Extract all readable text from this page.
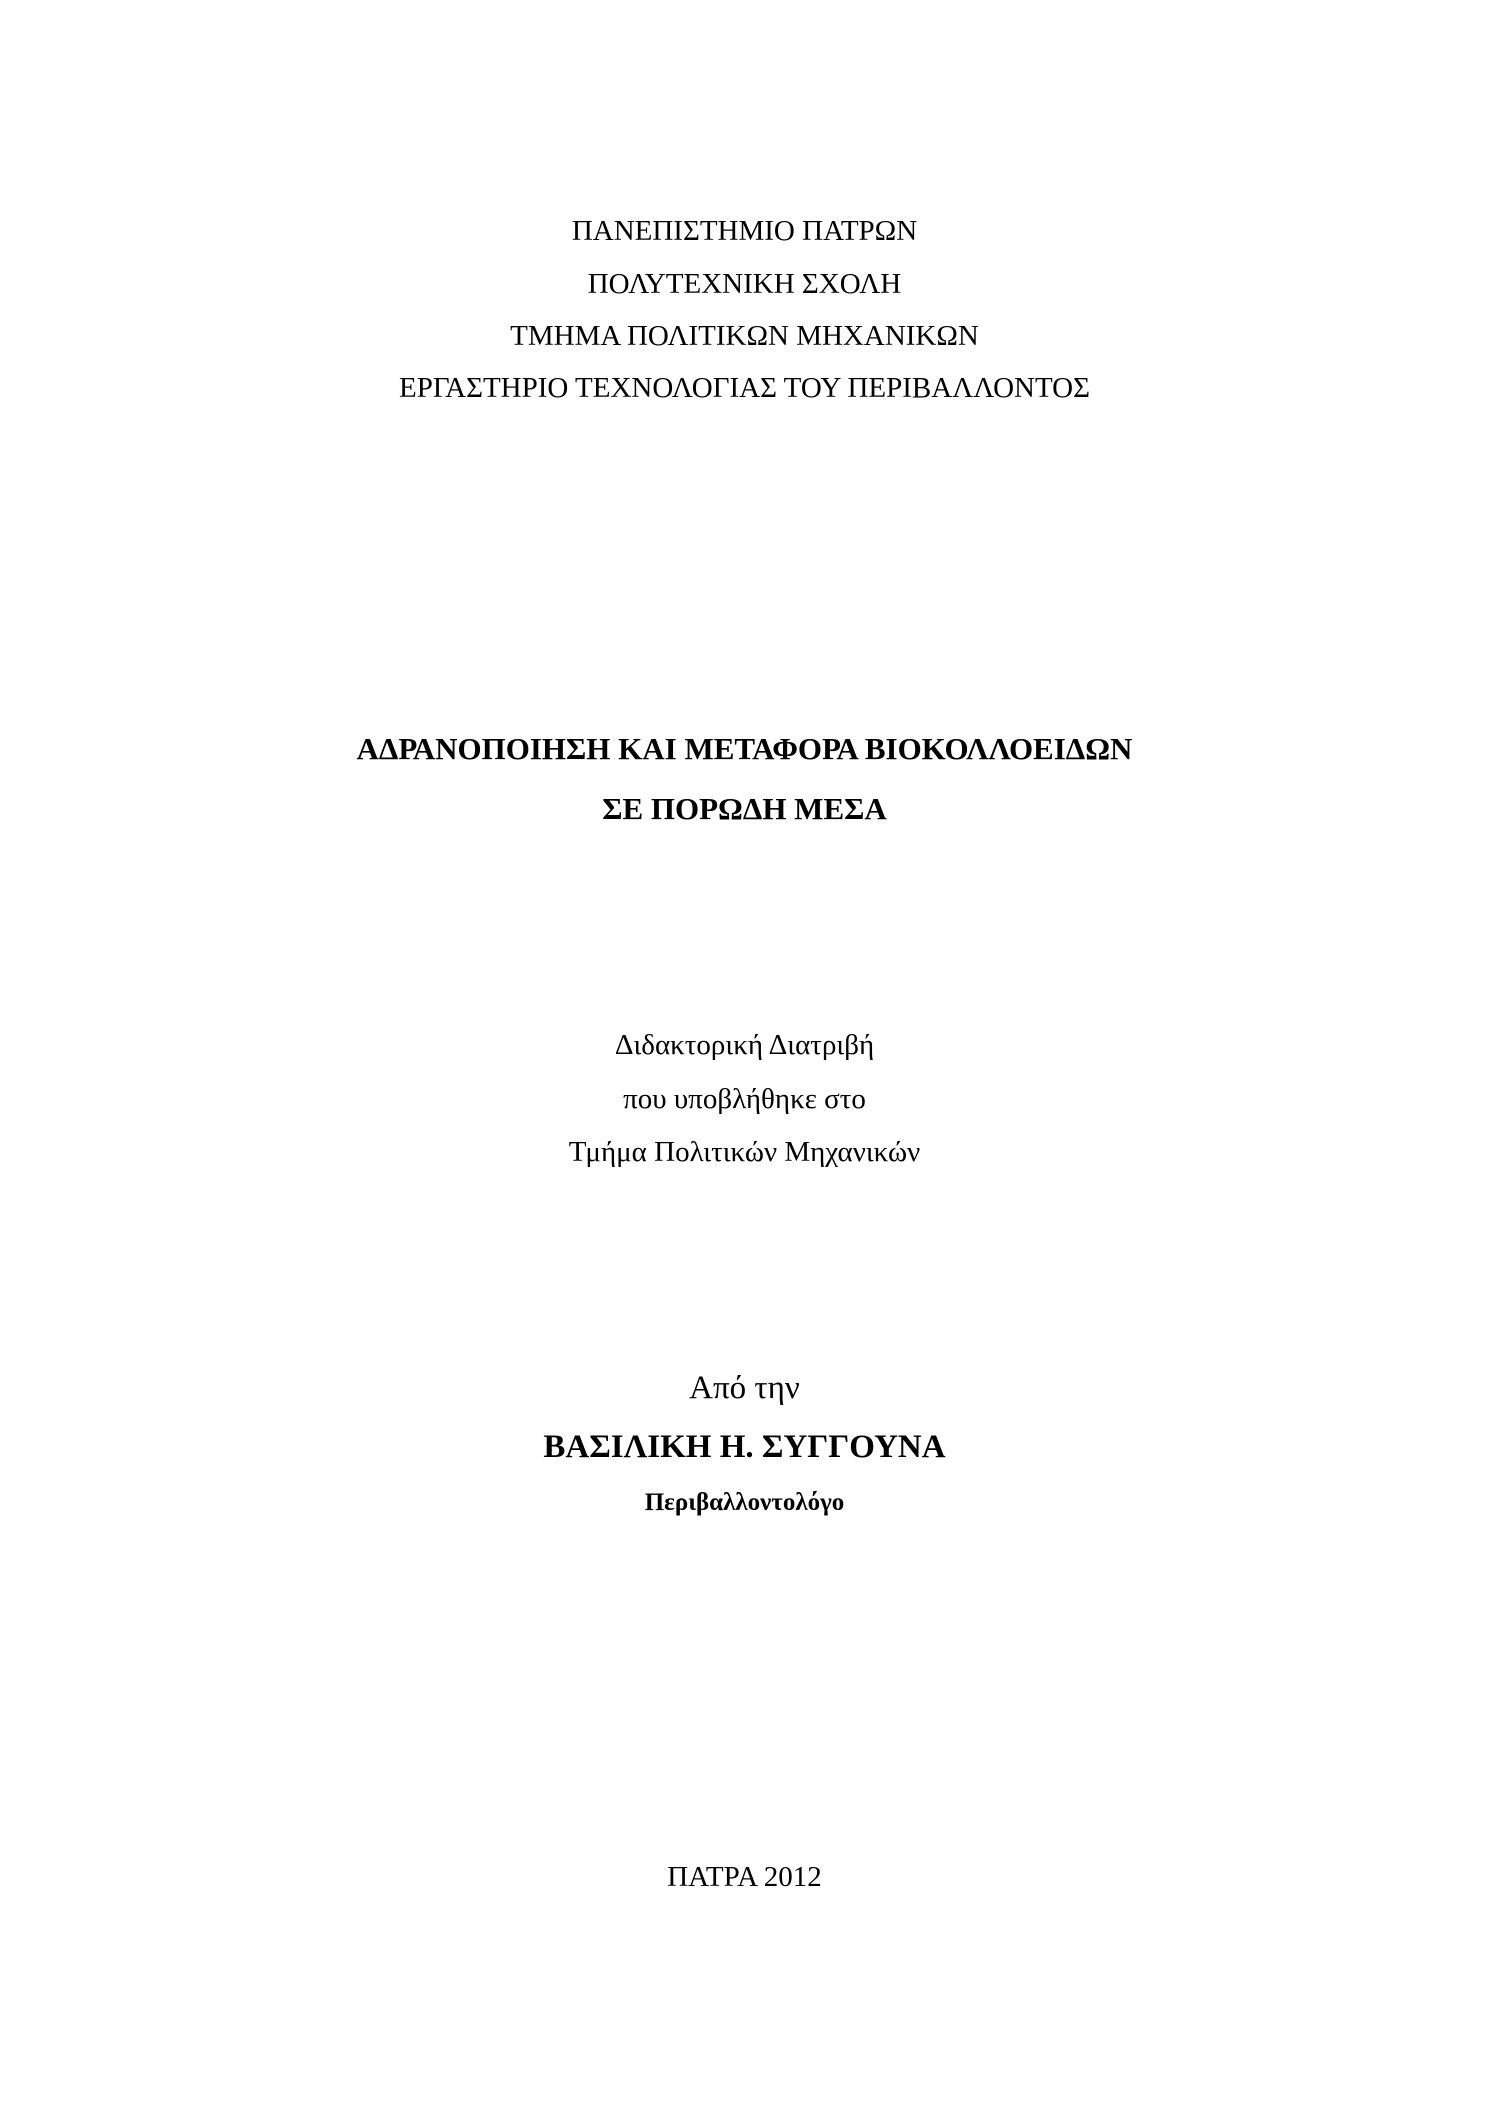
ΠΑΝΕΠΙΣΤΗΜΙΟ ΠΑΤΡΩΝ
ΠΟΛΥΤΕΧΝΙΚΗ ΣΧΟΛΗ
ΤΜΗΜΑ ΠΟΛΙΤΙΚΩΝ ΜΗΧΑΝΙΚΩΝ
ΕΡΓΑΣΤΗΡΙΟ ΤΕΧΝΟΛΟΓΙΑΣ ΤΟΥ ΠΕΡΙΒΑΛΛΟΝΤΟΣ
ΑΔΡΑΝΟΠΟΙΗΣΗ ΚΑΙ ΜΕΤΑΦΟΡΑ ΒΙΟΚΟΛΛΟΕΙΔΩΝ
ΣΕ ΠΟΡΩΔΗ ΜΕΣΑ
Διδακτορική Διατριβή
που υποβλήθηκε στο
Τμήμα Πολιτικών Μηχανικών
Από την
ΒΑΣΙΛΙΚΗ Η. ΣΥΓΓΟΥΝΑ
Περιβαλλοντολόγο
ΠΑΤΡΑ 2012
